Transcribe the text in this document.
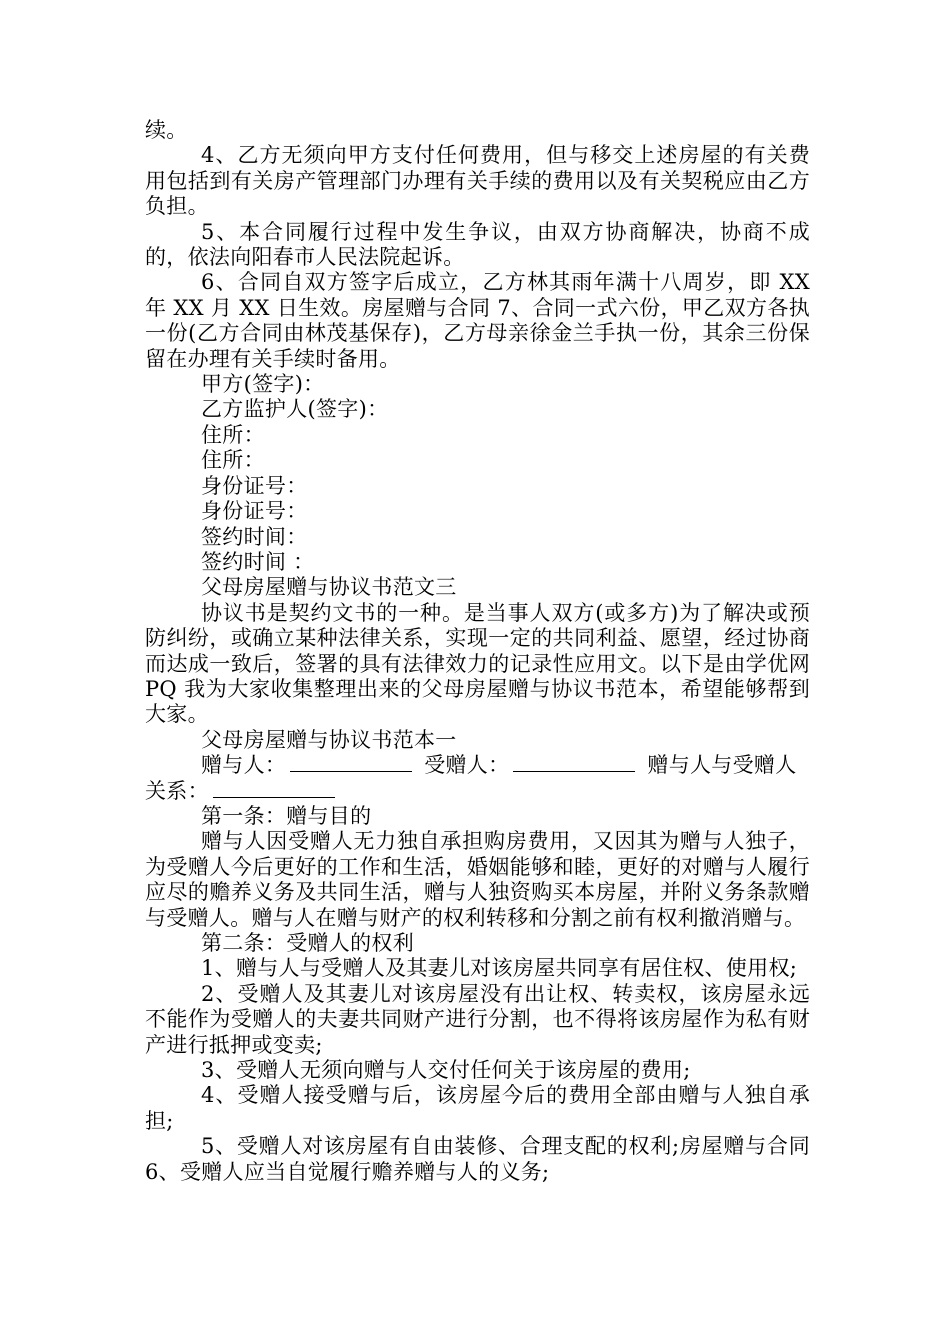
续。

4、乙方无须向甲方支付任何费用，但与移交上述房屋的有关费用包括到有关房产管理部门办理有关手续的费用以及有关契税应由乙方负担。

5、本合同履行过程中发生争议，由双方协商解决，协商不成的，依法向阳春市人民法院起诉。

6、合同自双方签字后成立，乙方林其雨年满十八周岁，即 XX 年 XX 月 XX 日生效。房屋赠与合同 7、合同一式六份，甲乙双方各执一份(乙方合同由林茂基保存)，乙方母亲徐金兰手执一份，其余三份保留在办理有关手续时备用。

甲方(签字)：

乙方监护人(签字)：

住所：

住所：

身份证号：

身份证号：

签约时间：

签约时间 ：

父母房屋赠与协议书范文三

协议书是契约文书的一种。是当事人双方(或多方)为了解决或预防纠纷，或确立某种法律关系，实现一定的共同利益、愿望，经过协商而达成一致后，签署的具有法律效力的记录性应用文。以下是由学优网 PQ 我为大家收集整理出来的父母房屋赠与协议书范本，希望能够帮到大家。

父母房屋赠与协议书范本一

赠与人：	受赠人：	赠与人与受赠人

关系：

第一条：赠与目的

赠与人因受赠人无力独自承担购房费用，又因其为赠与人独子，为受赠人今后更好的工作和生活，婚姻能够和睦，更好的对赠与人履行应尽的赡养义务及共同生活，赠与人独资购买本房屋，并附义务条款赠与受赠人。赠与人在赠与财产的权利转移和分割之前有权利撤消赠与。

第二条：受赠人的权利

1、赠与人与受赠人及其妻儿对该房屋共同享有居住权、使用权;

2、受赠人及其妻儿对该房屋没有出让权、转卖权，该房屋永远不能作为受赠人的夫妻共同财产进行分割，也不得将该房屋作为私有财产进行抵押或变卖;

3、受赠人无须向赠与人交付任何关于该房屋的费用;

4、受赠人接受赠与后，该房屋今后的费用全部由赠与人独自承担;

5、受赠人对该房屋有自由装修、合理支配的权利;房屋赠与合同 6、受赠人应当自觉履行赡养赠与人的义务;
